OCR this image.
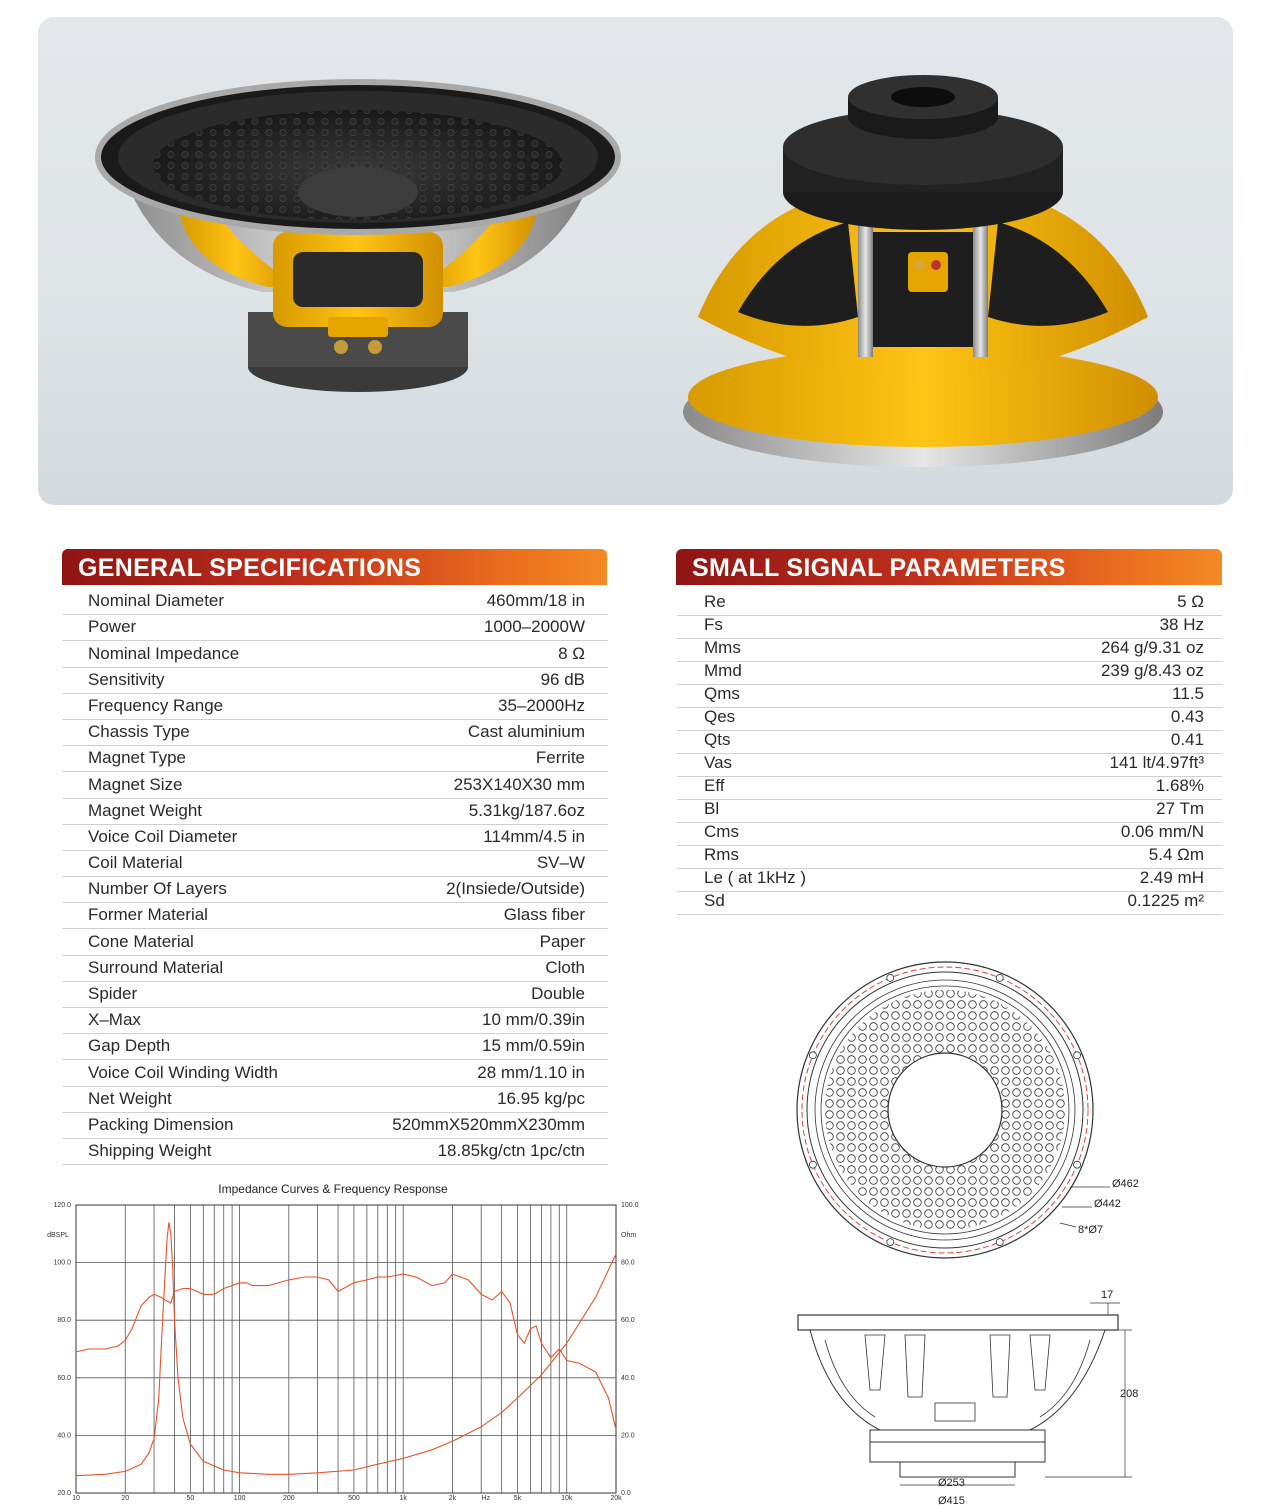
GENERAL SPECIFICATIONS
Nominal Diameter	460mm/18 in
Power	1000–2000W
Nominal Impedance	8 Ω
Sensitivity	96 dB
Frequency Range	35–2000Hz
Chassis Type	Cast aluminium
Magnet Type	Ferrite
Magnet Size	253X140X30 mm
Magnet Weight	5.31kg/187.6oz
Voice Coil Diameter	114mm/4.5 in
Coil Material	SV–W
Number Of Layers	2(Insiede/Outside)
Former Material	Glass fiber
Cone Material	Paper
Surround Material	Cloth
Spider	Double
X–Max	10 mm/0.39in
Gap Depth	15 mm/0.59in
Voice Coil Winding Width	28 mm/1.10 in
Net Weight	16.95 kg/pc
Packing Dimension	520mmX520mmX230mm
Shipping Weight	18.85kg/ctn 1pc/ctn
SMALL SIGNAL PARAMETERS
Re	5 Ω
Fs	38 Hz
Mms	264 g/9.31 oz
Mmd	239 g/8.43 oz
Qms	11.5
Qes	0.43
Qts	0.41
Vas	141 lt/4.97ft³
Eff	1.68%
Bl	27 Tm
Cms	0.06 mm/N
Rms	5.4 Ωm
Le ( at 1kHz )	2.49 mH
Sd	0.1225 m²
Impedance Curves & Frequency Response
10	20	50	100	200	500	1k	2k	5k	10k	20k
Hz
20.0
40.0
60.0
80.0
100.0
120.0
0.0
20.0
40.0
60.0
80.0
100.0
dBSPL	Ohm
Ø462
Ø442
8*Ø7
17
208
Ø253
Ø415
